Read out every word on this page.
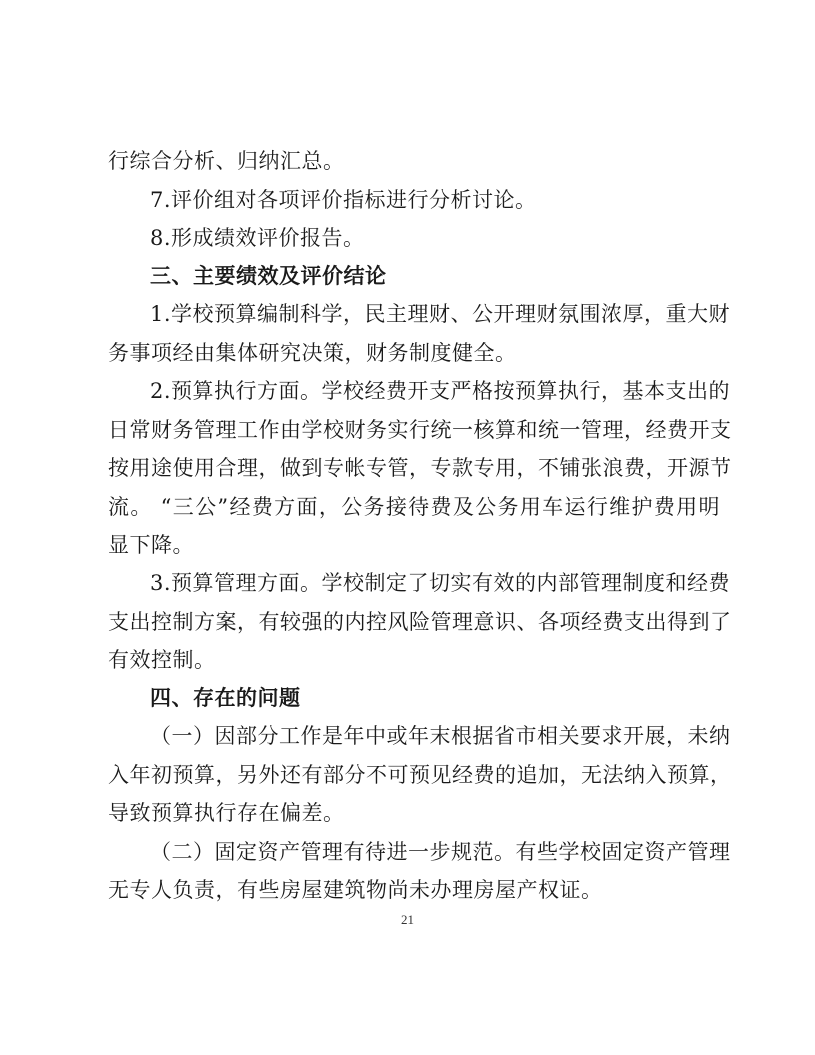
行综合分析、归纳汇总。
7.评价组对各项评价指标进行分析讨论。
8.形成绩效评价报告。
三、主要绩效及评价结论
1.学校预算编制科学，民主理财、公开理财氛围浓厚，重大财
务事项经由集体研究决策，财务制度健全。
2.预算执行方面。学校经费开支严格按预算执行，基本支出的
日常财务管理工作由学校财务实行统一核算和统一管理，经费开支
按用途使用合理，做到专帐专管，专款专用，不铺张浪费，开源节
流。 “三公”经费方面，公务接待费及公务用车运行维护费用明
显下降。
3.预算管理方面。学校制定了切实有效的内部管理制度和经费
支出控制方案，有较强的内控风险管理意识、各项经费支出得到了
有效控制。
四、存在的问题
（一）因部分工作是年中或年末根据省市相关要求开展，未纳
入年初预算，另外还有部分不可预见经费的追加，无法纳入预算，
导致预算执行存在偏差。
（二）固定资产管理有待进一步规范。有些学校固定资产管理
无专人负责，有些房屋建筑物尚未办理房屋产权证。
21
